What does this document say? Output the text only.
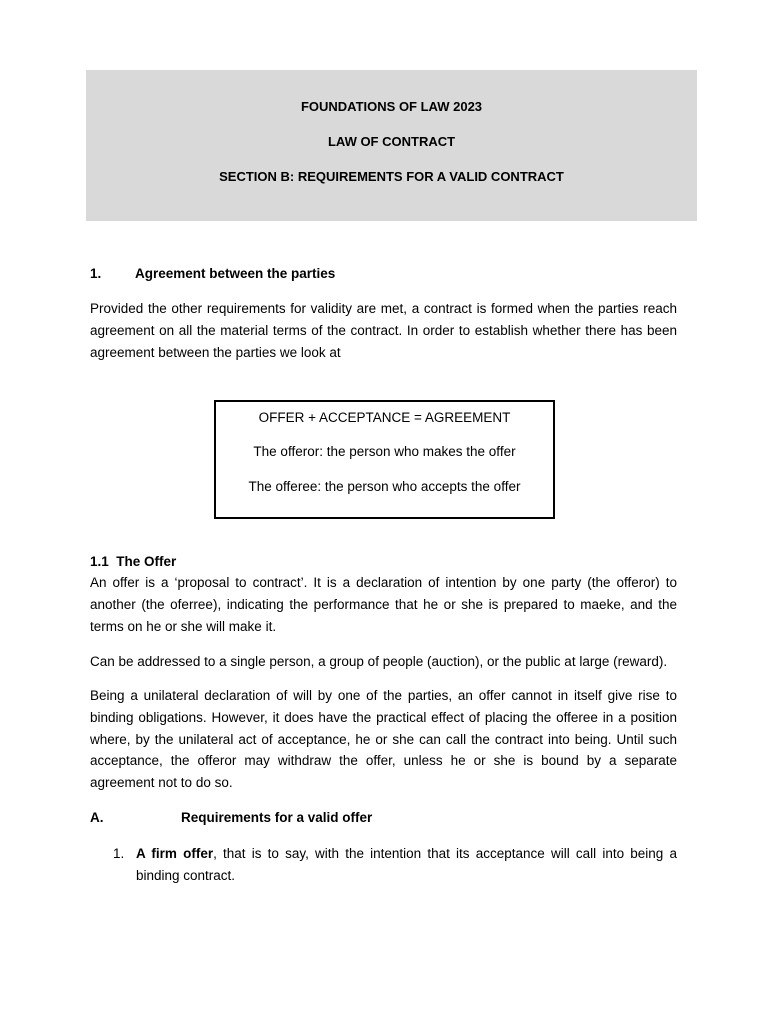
FOUNDATIONS OF LAW 2023
LAW OF CONTRACT
SECTION B: REQUIREMENTS FOR A VALID CONTRACT
1. Agreement between the parties
Provided the other requirements for validity are met, a contract is formed when the parties reach agreement on all the material terms of the contract. In order to establish whether there has been agreement between the parties we look at
OFFER + ACCEPTANCE = AGREEMENT
The offeror: the person who makes the offer
The offeree: the person who accepts the offer
1.1  The Offer
An offer is a ‘proposal to contract’. It is a declaration of intention by one party (the offeror) to another (the oferree), indicating the performance that he or she is prepared to maeke, and the terms on he or she will make it.
Can be addressed to a single person, a group of people (auction), or the public at large (reward).
Being a unilateral declaration of will by one of the parties, an offer cannot in itself give rise to binding obligations. However, it does have the practical effect of placing the offeree in a position where, by the unilateral act of acceptance, he or she can call the contract into being. Until such acceptance, the offeror may withdraw the offer, unless he or she is bound by a separate agreement not to do so.
A.	Requirements for a valid offer
1. A firm offer, that is to say, with the intention that its acceptance will call into being a binding contract.
